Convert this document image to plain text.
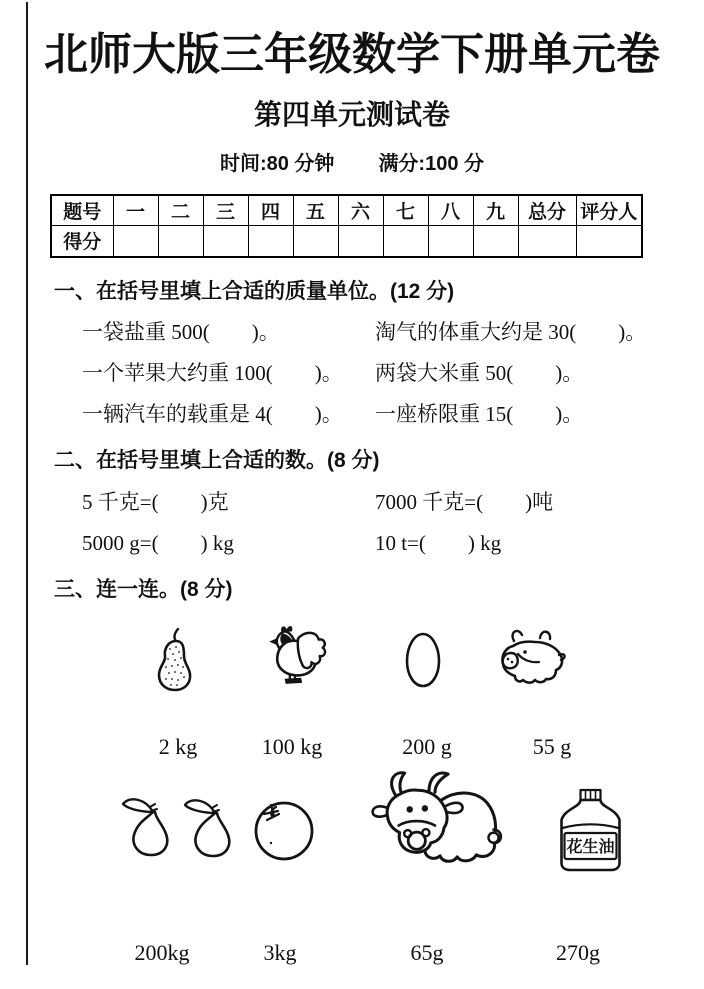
北师大版三年级数学下册单元卷
第四单元测试卷
时间:80 分钟 满分:100 分
题号	一	二	三	四	五	六	七	八	九	总分	评分人
得分											
一、在括号里填上合适的质量单位。(12 分)
一袋盐重 500(        )。	淘气的体重大约是 30(        )。
一个苹果大约重 100(        )。	两袋大米重 50(        )。
一辆汽车的载重是 4(        )。	一座桥限重 15(        )。
二、在括号里填上合适的数。(8 分)
5 千克=(        )克	7000 千克=(        )吨
5000 g=(        ) kg	10 t=(        ) kg
三、连一连。(8 分)
2 kg	100 kg	200 g	55 g
花生油
200kg	3kg	65g	270g
